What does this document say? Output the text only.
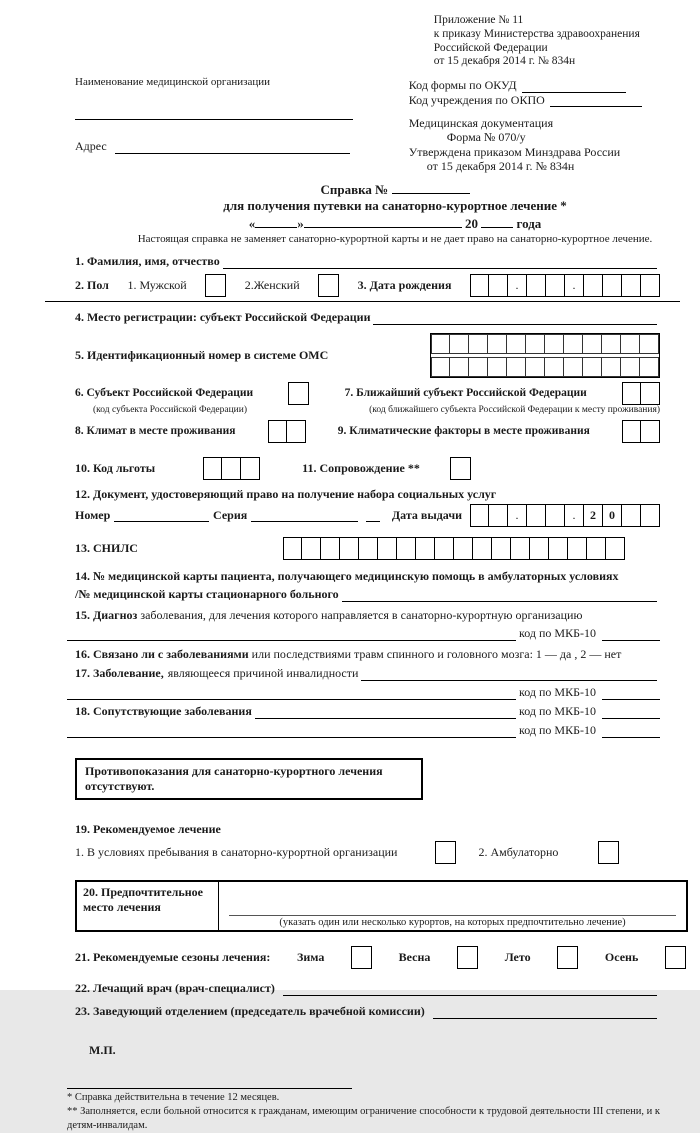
Наименование медицинской организации
Адрес
Приложение № 11
к приказу Министерства здравоохранения
Российской Федерации
от 15 декабря 2014 г. № 834н
Код формы по ОКУД
Код учреждения по ОКПО
Медицинская документация
Форма № 070/у
Утверждена приказом Минздрава России
от 15 декабря 2014 г. № 834н
Справка №
для получения путевки на санаторно-курортное лечение *
«	»	20	года
Настоящая справка не заменяет санаторно-курортной карты и не дает право на санаторно-курортное лечение.
1. Фамилия, имя, отчество
2. Пол 1. Мужской	2.Женский	3. Дата рождения	.	.
4. Место регистрации: субъект Российской Федерации
5. Идентификационный номер в системе ОМС
6. Субъект Российской Федерации	7. Ближайший субъект Российской Федерации
(код субъекта Российской Федерации)	(код ближайшего субъекта Российской Федерации к месту проживания)
8. Климат в месте проживания	9. Климатические факторы в месте проживания
10. Код льготы	11. Сопровождение **
12. Документ, удостоверяющий право на получение набора социальных услуг
Номер	Серия	Дата выдачи	.	.	2	0
13. СНИЛС
14. № медицинской карты пациента, получающего медицинскую помощь в амбулаторных условиях
/№ медицинской карты стационарного больного
15. Диагноз заболевания, для лечения которого направляется в санаторно-курортную организацию
код по МКБ-10
16. Связано ли с заболеваниями или последствиями травм спинного и головного мозга: 1 — да , 2 — нет
17. Заболевание, являющееся причиной инвалидности
код по МКБ-10
18. Сопутствующие заболевания	код по МКБ-10
код по МКБ-10
Противопоказания для санаторно-курортного лечения отсутствуют.
19. Рекомендуемое лечение
1. В условиях пребывания в санаторно-курортной организации	2. Амбулаторно
20. Предпочтительное место лечения
(указать один или несколько курортов, на которых предпочтительно лечение)
21. Рекомендуемые сезоны лечения: Зима	Весна	Лето	Осень
22. Лечащий врач (врач-специалист)
23. Заведующий отделением (председатель врачебной комиссии)
М.П.
* Справка действительна в течение 12 месяцев.
** Заполняется, если больной относится к гражданам, имеющим ограничение способности к трудовой деятельности III степени, и к детям-инвалидам.
